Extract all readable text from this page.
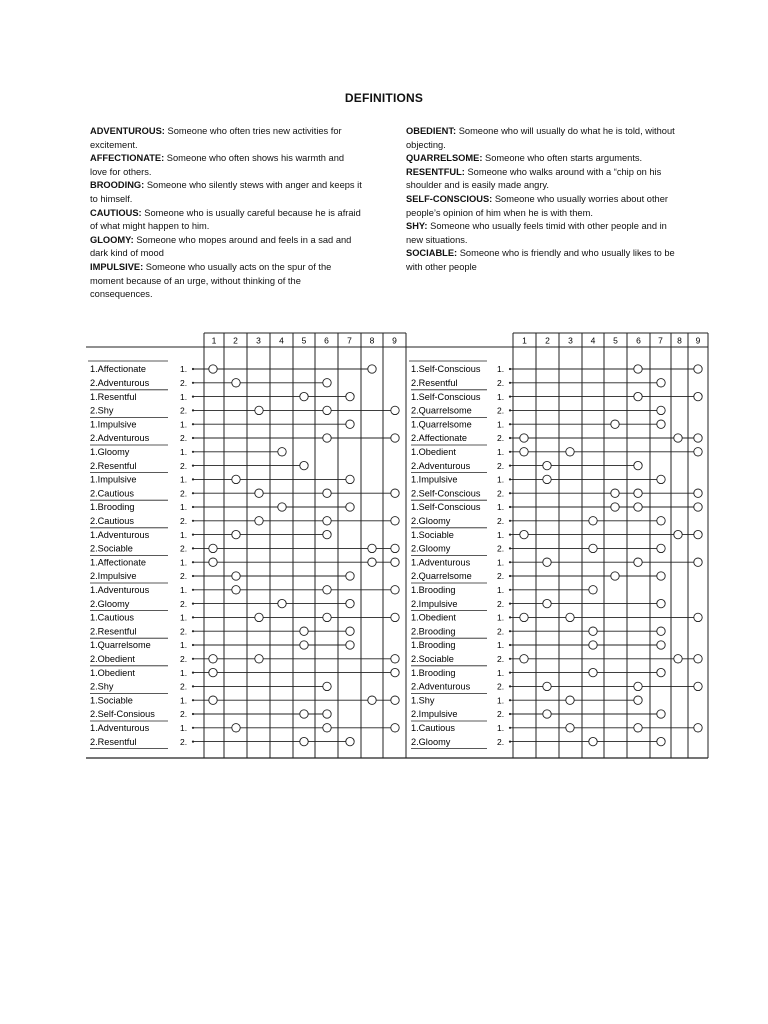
DEFINITIONS

ADVENTUROUS: Someone who often tries new activities for excitement.

AFFECTIONATE: Someone who often shows his warmth and love for others.

BROODING: Someone who silently stews with anger and keeps it to himself.

CAUTIOUS: Someone who is usually careful because he is afraid of what might happen to him.

GLOOMY: Someone who mopes around and feels in a sad and dark kind of mood

IMPULSIVE: Someone who usually acts on the spur of the moment because of an urge, without thinking of the consequences.

OBEDIENT: Someone who will usually do what he is told, without objecting.

QUARRELSOME: Someone who often starts arguments.

RESENTFUL: Someone who walks around with a “chip on his shoulder and is easily made angry.

SELF-CONSCIOUS: Someone who usually worries about other people’s opinion of him when he is with them.

SHY: Someone who usually feels timid with other people and in new situations.

SOCIABLE: Someone who is friendly and who usually likes to be with other people

1 2 3 4 5 6 7 8 9
1.Affectionate	1.
2.Adventurous	2.
1.Resentful	1.
2.Shy	2.
1.Impulsive	1.
2.Adventurous	2.
1.Gloomy	1.
2.Resentful	2.
1.Impulsive	1.
2.Cautious	2.
1.Brooding	1.
2.Cautious	2.
1.Adventurous	1.
2.Sociable	2.
1.Affectionate	1.
2.Impulsive	2.
1.Adventurous	1.
2.Gloomy	2.
1.Cautious	1.
2.Resentful	2.
1.Quarrelsome	1.
2.Obedient	2.
1.Obedient	1.
2.Shy	2.
1.Sociable	1.
2.Self-Consious	2.
1.Adventurous	1.
2.Resentful	2.
1 2 3 4 5 6 7 8 9
1.Self-Conscious 1.
2.Resentful	2.
1.Self-Conscious 1.
2.Quarrelsome	2.
1.Quarrelsome	1.
2.Affectionate	2.
1.Obedient	1.
2.Adventurous	2.
1.Impulsive	1.
2.Self-Conscious 2.
1.Self-Conscious 1.
2.Gloomy	2.
1.Sociable	1.
2.Gloomy	2.
1.Adventurous	1.
2.Quarrelsome	2.
1.Brooding	1.
2.Impulsive	2.
1.Obedient	1.
2.Brooding	2.
1.Brooding	1.
2.Sociable	2.
1.Brooding	1.
2.Adventurous	2.
1.Shy	1.
2.Impulsive	2.
1.Cautious	1.
2.Gloomy	2.
